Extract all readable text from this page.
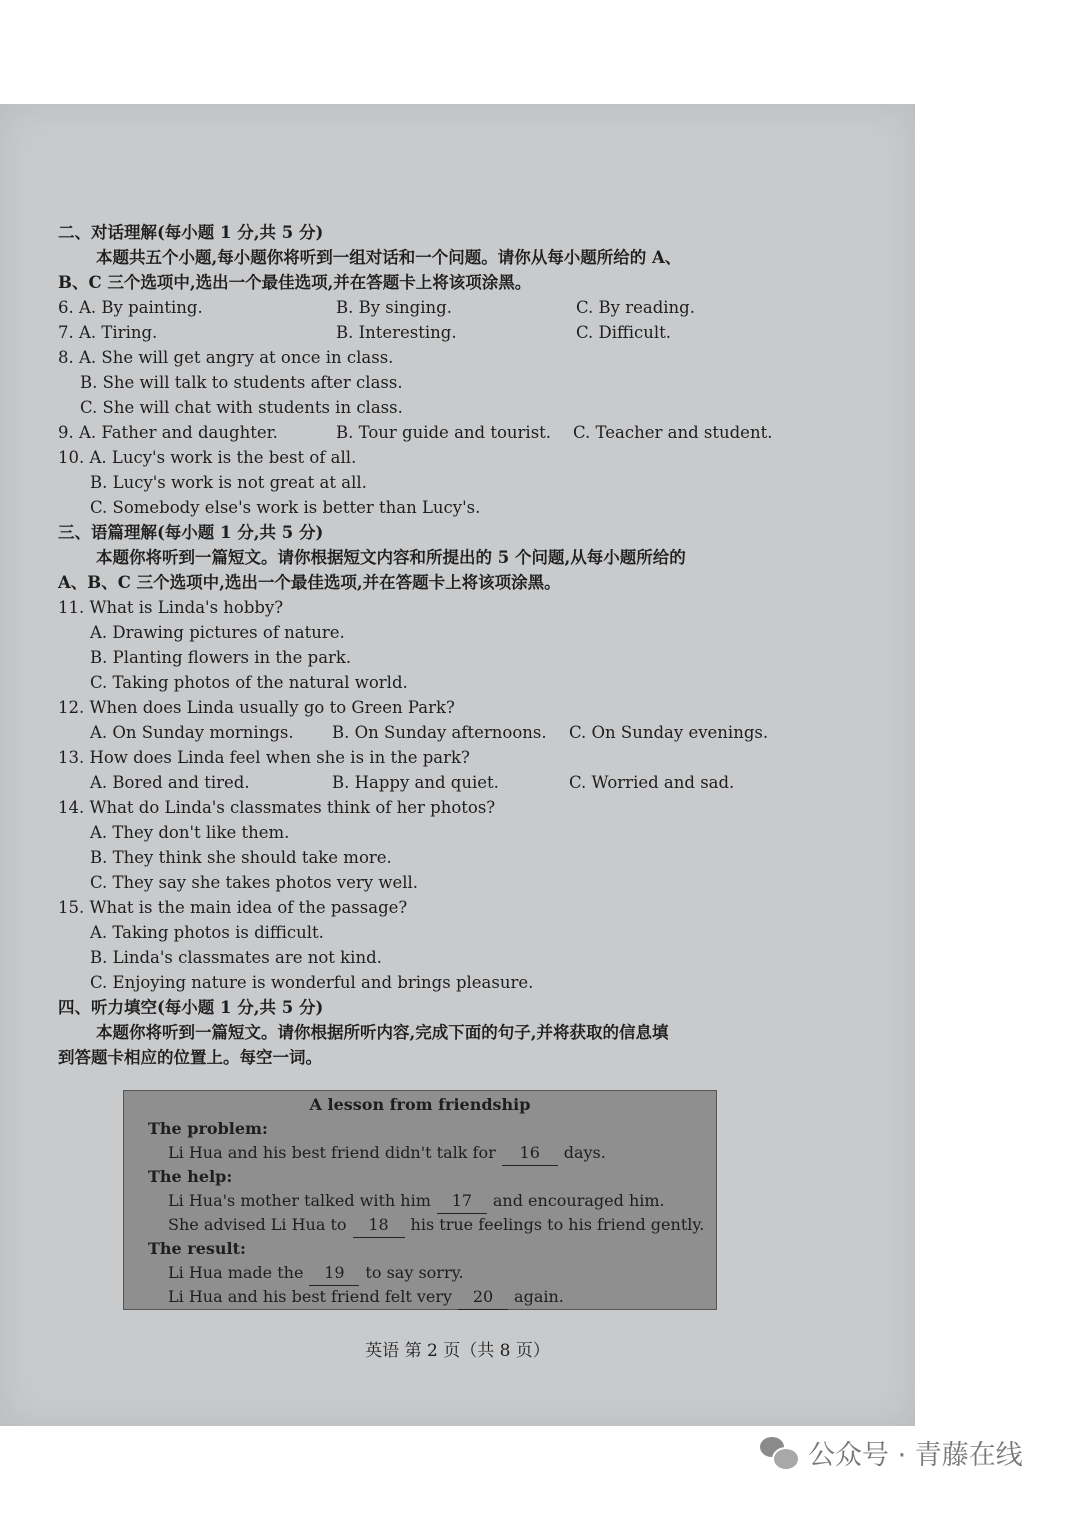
二、对话理解(每小题 1 分,共 5 分)
本题共五个小题,每小题你将听到一组对话和一个问题。请你从每小题所给的 A、
B、C 三个选项中,选出一个最佳选项,并在答题卡上将该项涂黑。
6. A. By painting.	B. By singing.	C. By reading.
7. A. Tiring.	B. Interesting.	C. Difficult.
8. A. She will get angry at once in class.
B. She will talk to students after class.
C. She will chat with students in class.
9. A. Father and daughter.	B. Tour guide and tourist. C. Teacher and student.
10. A. Lucy's work is the best of all.
B. Lucy's work is not great at all.
C. Somebody else's work is better than Lucy's.
三、语篇理解(每小题 1 分,共 5 分)
本题你将听到一篇短文。请你根据短文内容和所提出的 5 个问题,从每小题所给的
A、B、C 三个选项中,选出一个最佳选项,并在答题卡上将该项涂黑。
11. What is Linda's hobby?
A. Drawing pictures of nature.
B. Planting flowers in the park.
C. Taking photos of the natural world.
12. When does Linda usually go to Green Park?
A. On Sunday mornings. B. On Sunday afternoons. C. On Sunday evenings.
13. How does Linda feel when she is in the park?
A. Bored and tired.	B. Happy and quiet.	C. Worried and sad.
14. What do Linda's classmates think of her photos?
A. They don't like them.
B. They think she should take more.
C. They say she takes photos very well.
15. What is the main idea of the passage?
A. Taking photos is difficult.
B. Linda's classmates are not kind.
C. Enjoying nature is wonderful and brings pleasure.
四、听力填空(每小题 1 分,共 5 分)
本题你将听到一篇短文。请你根据所听内容,完成下面的句子,并将获取的信息填
到答题卡相应的位置上。每空一词。
A lesson from friendship
The problem:
Li Hua and his best friend didn't talk for 16 days.
The help:
Li Hua's mother talked with him 17 and encouraged him.
She advised Li Hua to 18 his true feelings to his friend gently.
The result:
Li Hua made the 19 to say sorry.
Li Hua and his best friend felt very 20 again.
英语 第 2 页（共 8 页）
公众号 · 青藤在线
